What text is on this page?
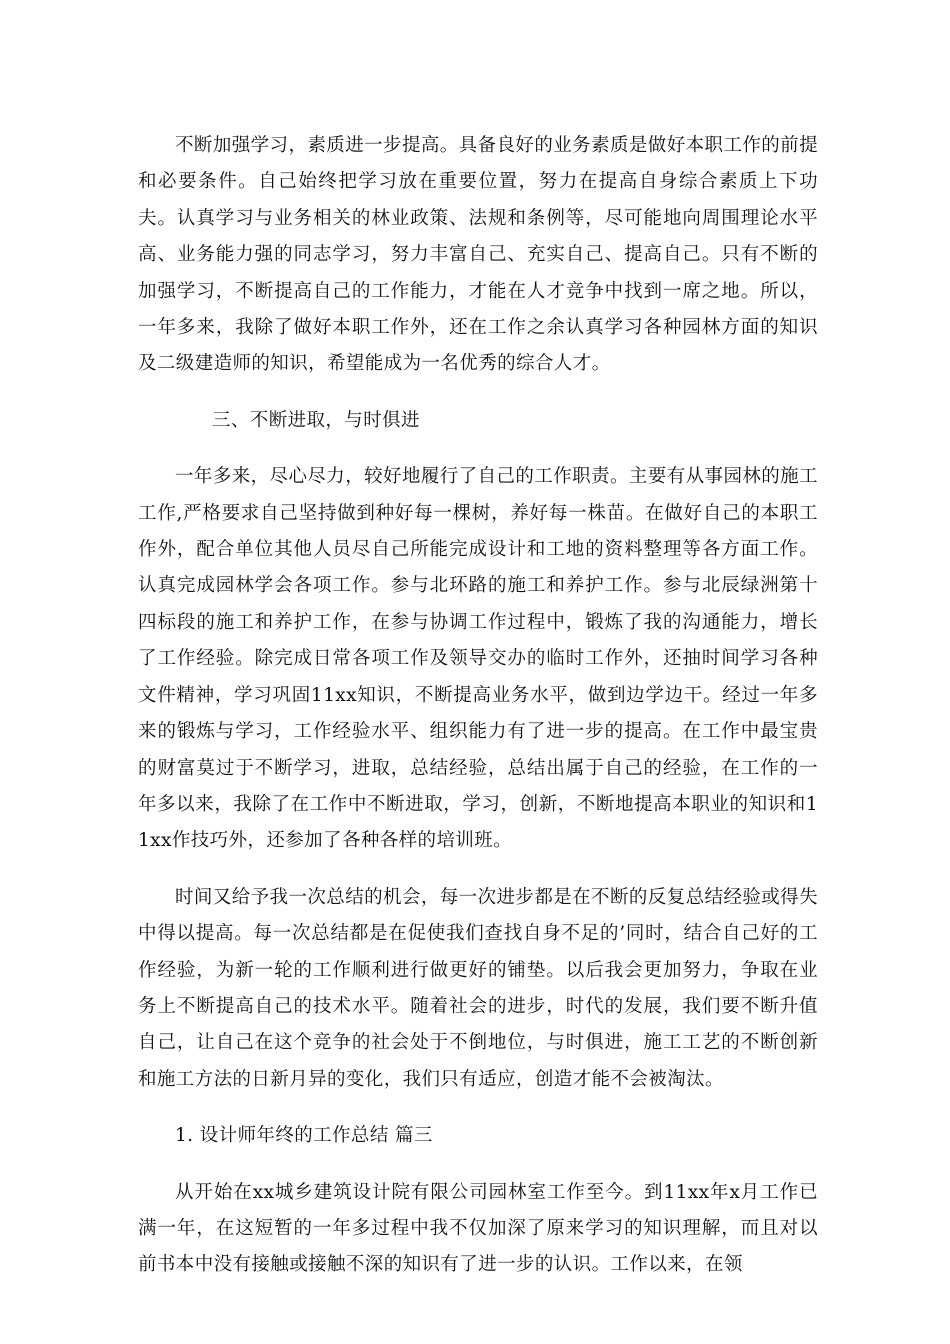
不断加强学习，素质进一步提高。具备良好的业务素质是做好本职工作的前提和必要条件。自己始终把学习放在重要位置，努力在提高自身综合素质上下功夫。认真学习与业务相关的林业政策、法规和条例等，尽可能地向周围理论水平高、业务能力强的同志学习，努力丰富自己、充实自己、提高自己。只有不断的加强学习，不断提高自己的工作能力，才能在人才竞争中找到一席之地。所以，一年多来，我除了做好本职工作外，还在工作之余认真学习各种园林方面的知识及二级建造师的知识，希望能成为一名优秀的综合人才。

三、不断进取，与时俱进

一年多来，尽心尽力，较好地履行了自己的工作职责。主要有从事园林的施工工作,严格要求自己坚持做到种好每一棵树，养好每一株苗。在做好自己的本职工作外，配合单位其他人员尽自己所能完成设计和工地的资料整理等各方面工作。认真完成园林学会各项工作。参与北环路的施工和养护工作。参与北辰绿洲第十四标段的施工和养护工作，在参与协调工作过程中，锻炼了我的沟通能力，增长了工作经验。除完成日常各项工作及领导交办的临时工作外，还抽时间学习各种文件精神，学习巩固11xx知识，不断提高业务水平，做到边学边干。经过一年多来的锻炼与学习，工作经验水平、组织能力有了进一步的提高。在工作中最宝贵的财富莫过于不断学习，进取，总结经验，总结出属于自己的经验，在工作的一年多以来，我除了在工作中不断进取，学习，创新，不断地提高本职业的知识和11xx作技巧外，还参加了各种各样的培训班。

时间又给予我一次总结的机会，每一次进步都是在不断的反复总结经验或得失中得以提高。每一次总结都是在促使我们查找自身不足的’同时，结合自己好的工作经验，为新一轮的工作顺利进行做更好的铺垫。以后我会更加努力，争取在业务上不断提高自己的技术水平。随着社会的进步，时代的发展，我们要不断升值自己，让自己在这个竞争的社会处于不倒地位，与时俱进，施工工艺的不断创新和施工方法的日新月异的变化，我们只有适应，创造才能不会被淘汰。

1. 设计师年终的工作总结 篇三

从开始在xx城乡建筑设计院有限公司园林室工作至今。到11xx年x月工作已满一年，在这短暂的一年多过程中我不仅加深了原来学习的知识理解，而且对以前书本中没有接触或接触不深的知识有了进一步的认识。工作以来，在领
